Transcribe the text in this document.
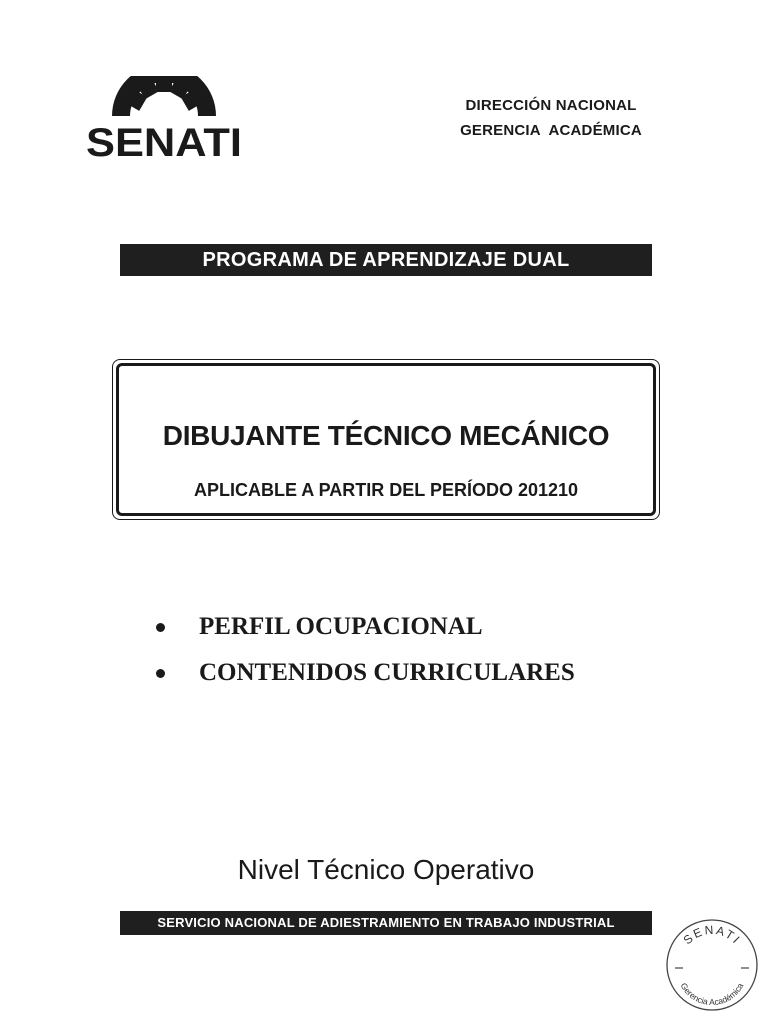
SENATI
DIRECCIÓN NACIONAL
GERENCIA  ACADÉMICA
PROGRAMA DE APRENDIZAJE DUAL
DIBUJANTE TÉCNICO MECÁNICO
APLICABLE A PARTIR DEL PERÍODO 201210
PERFIL OCUPACIONAL
CONTENIDOS CURRICULARES
Nivel Técnico Operativo
SERVICIO NACIONAL DE ADIESTRAMIENTO EN TRABAJO INDUSTRIAL
SENATI
Gerencia Académica
